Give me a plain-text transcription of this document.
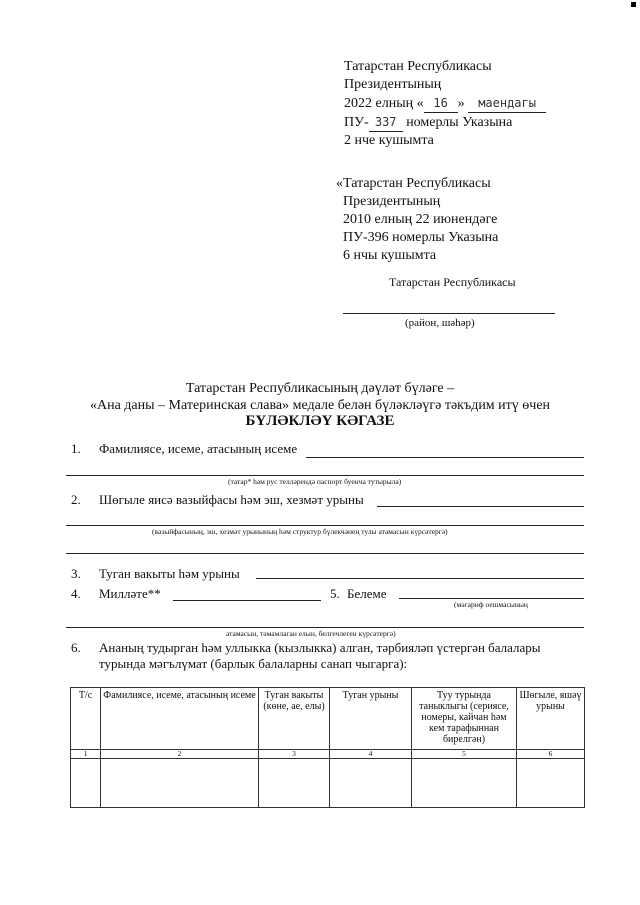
Татарстан Республикасы
Президентының
2022 елның « 16 » маендагы
ПУ- 337 номерлы Указына
2 нче кушымта
«Татарстан Республикасы
Президентының
2010 елның 22 июнендәге
ПУ-396 номерлы Указына
6 нчы кушымта
Татарстан Республикасы
(район, шәһәр)
Татарстан Республикасының дәүләт бүләге –
«Ана даны – Материнская слава» медале белән бүләкләүгә тәкъдим итү өчен
БҮЛӘКЛӘҮ КӘГАЗЕ
1. Фамилиясе, исеме, атасының исеме
(татар* һәм рус телләрендә паспорт буенча тутырыла)
2. Шөгыле яисә вазыйфасы һәм эш, хезмәт урыны
(вазыйфасының, эш, хезмәт урынының һәм структур бүлекчәнең тулы атамасын күрсәтергә)
3. Туган вакыты һәм урыны
4. Милләте**	5. Белеме
(мәгариф оешмасының
атамасын, тәмамлаган елын, белгечлеген күрсәтергә)
6. Ананың тудырган һәм уллыкка (кызлыкка) алган, тәрбияләп үстергән балалары
турында мәгълүмат (барлык балаларны санап чыгарга):
Т/с	Фамилиясе, исеме, атасының исеме	Туган вакыты (көне, ае, елы)	Туган урыны	Туу турында таныклыгы (сериясе, номеры, кайчан һәм кем тарафыннан бирелгән)	Шөгыле, яшәү урыны
1	2	3	4	5	6
